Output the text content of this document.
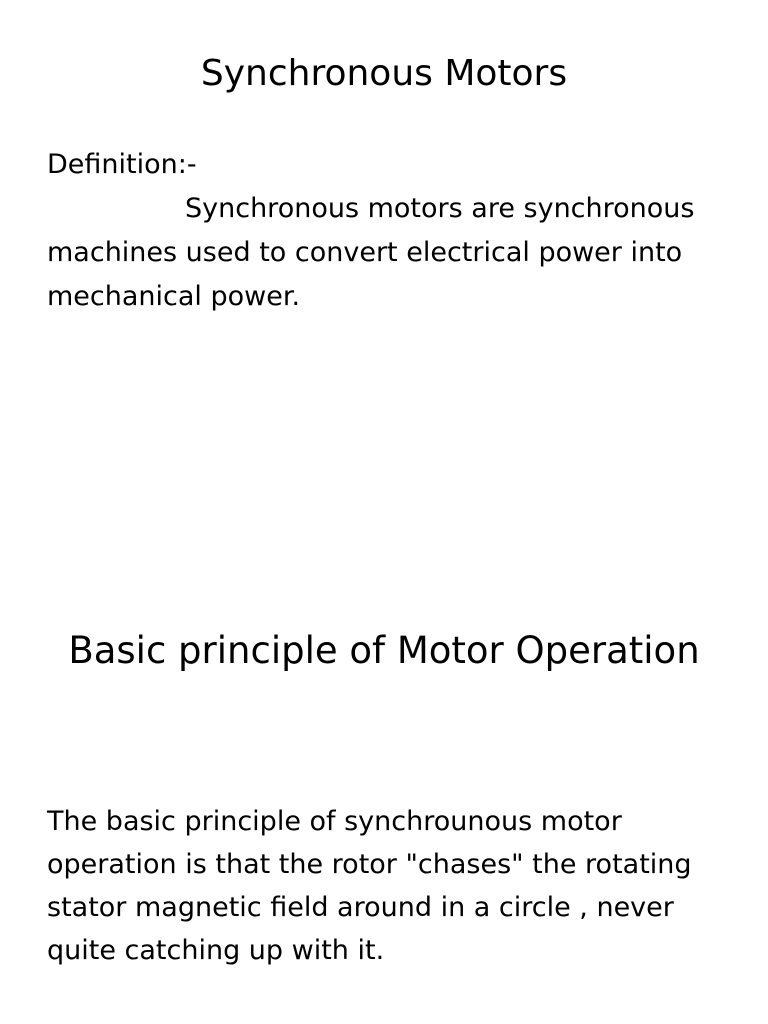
Synchronous Motors
Definition:-
Synchronous motors are synchronous machines used to convert electrical power into mechanical power.
Basic principle of Motor Operation

The basic principle of synchrounous motor operation is that the rotor "chases" the rotating stator magnetic field around in a circle , never quite catching up with it.
